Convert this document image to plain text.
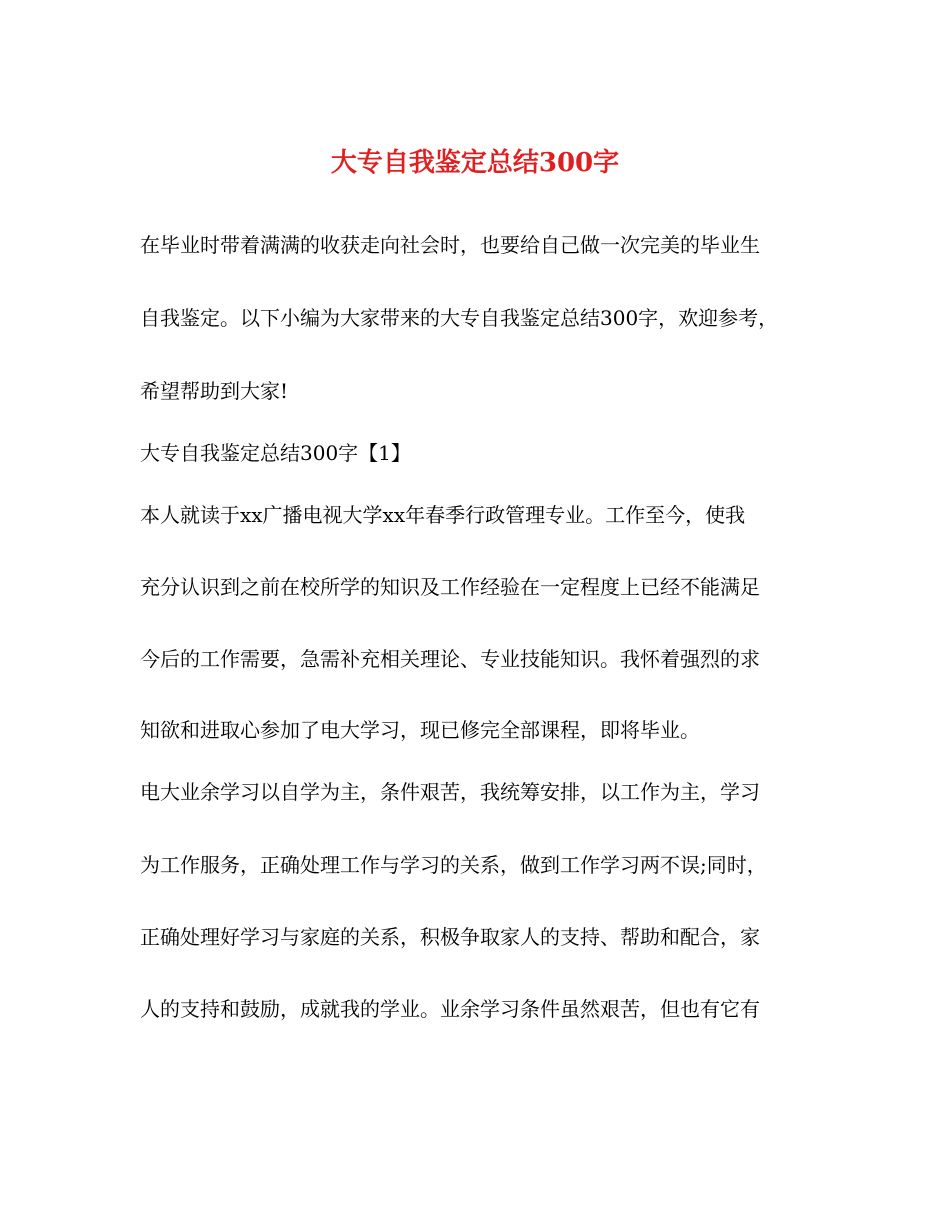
大专自我鉴定总结300字
在毕业时带着满满的收获走向社会时，也要给自己做一次完美的毕业生
自我鉴定。以下小编为大家带来的大专自我鉴定总结300字，欢迎参考，
希望帮助到大家!
大专自我鉴定总结300字【1】
本人就读于xx广播电视大学xx年春季行政管理专业。工作至今，使我
充分认识到之前在校所学的知识及工作经验在一定程度上已经不能满足
今后的工作需要，急需补充相关理论、专业技能知识。我怀着强烈的求
知欲和进取心参加了电大学习，现已修完全部课程，即将毕业。
电大业余学习以自学为主，条件艰苦，我统筹安排，以工作为主，学习
为工作服务，正确处理工作与学习的关系，做到工作学习两不误;同时，
正确处理好学习与家庭的关系，积极争取家人的支持、帮助和配合，家
人的支持和鼓励，成就我的学业。业余学习条件虽然艰苦，但也有它有
